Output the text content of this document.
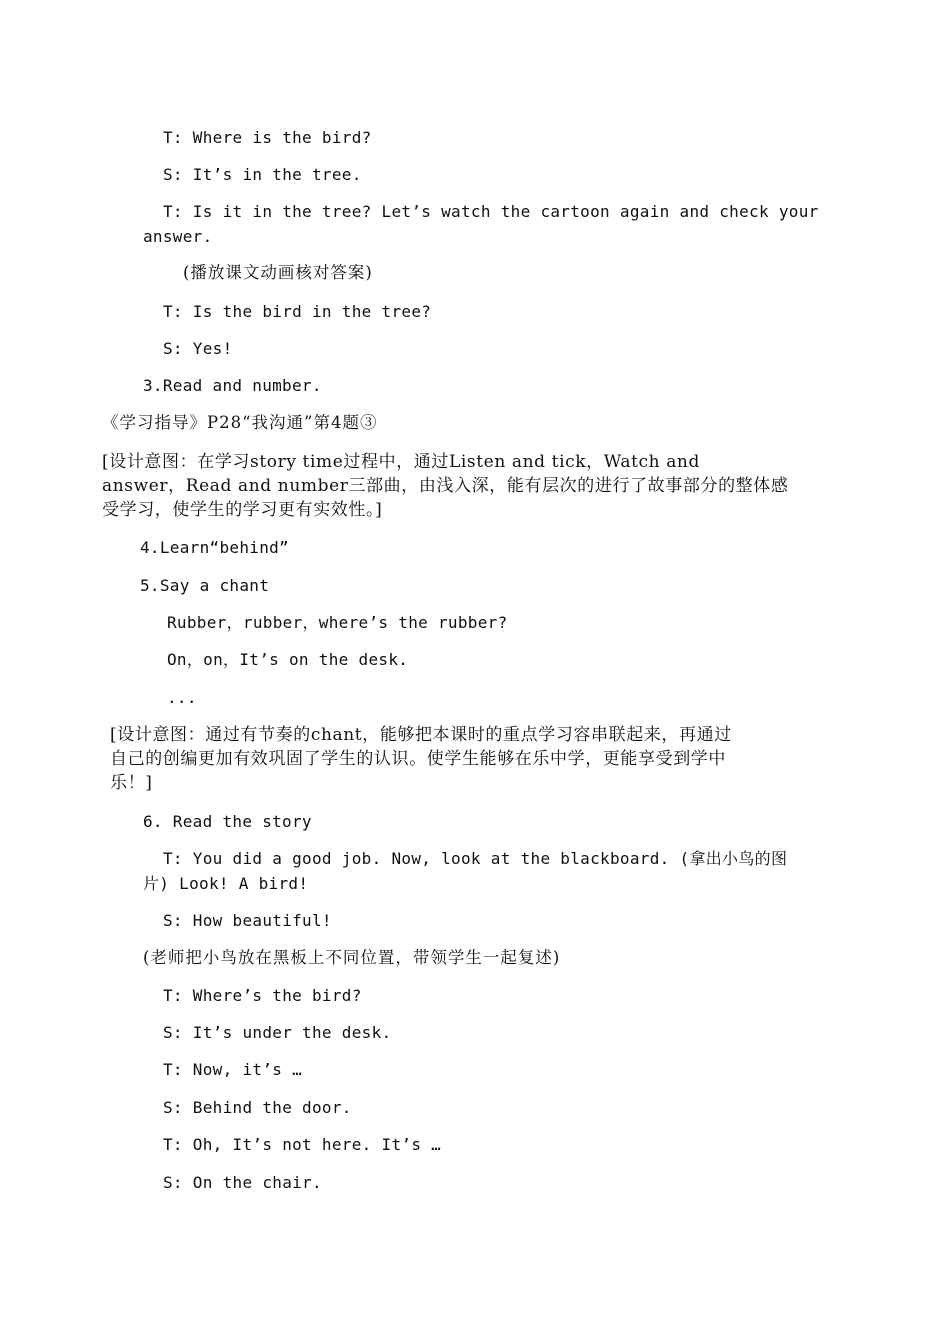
T: Where is the bird?
S: It’s in the tree.
T: Is it in the tree? Let’s watch the cartoon again and check your
answer.
(播放课文动画核对答案)
T: Is the bird in the tree?
S: Yes!
3.Read and number.
《学习指导》P28“我沟通”第4题③
[设计意图：在学习story time过程中，通过Listen and tick，Watch and
answer，Read and number三部曲，由浅入深，能有层次的进行了故事部分的整体感
受学习，使学生的学习更有实效性。]
4.Learn“behind”
5.Say a chant
Rubber，rubber，where’s the rubber?
On，on，It’s on the desk.
...
[设计意图：通过有节奏的chant，能够把本课时的重点学习容串联起来，再通过
自己的创编更加有效巩固了学生的认识。使学生能够在乐中学，更能享受到学中
乐！]
6. Read the story
T: You did a good job. Now, look at the blackboard. (拿出小鸟的图
片) Look! A bird!
S: How beautiful!
(老师把小鸟放在黑板上不同位置，带领学生一起复述)
T: Where’s the bird?
S: It’s under the desk.
T: Now, it’s …
S: Behind the door.
T: Oh, It’s not here. It’s …
S: On the chair.
